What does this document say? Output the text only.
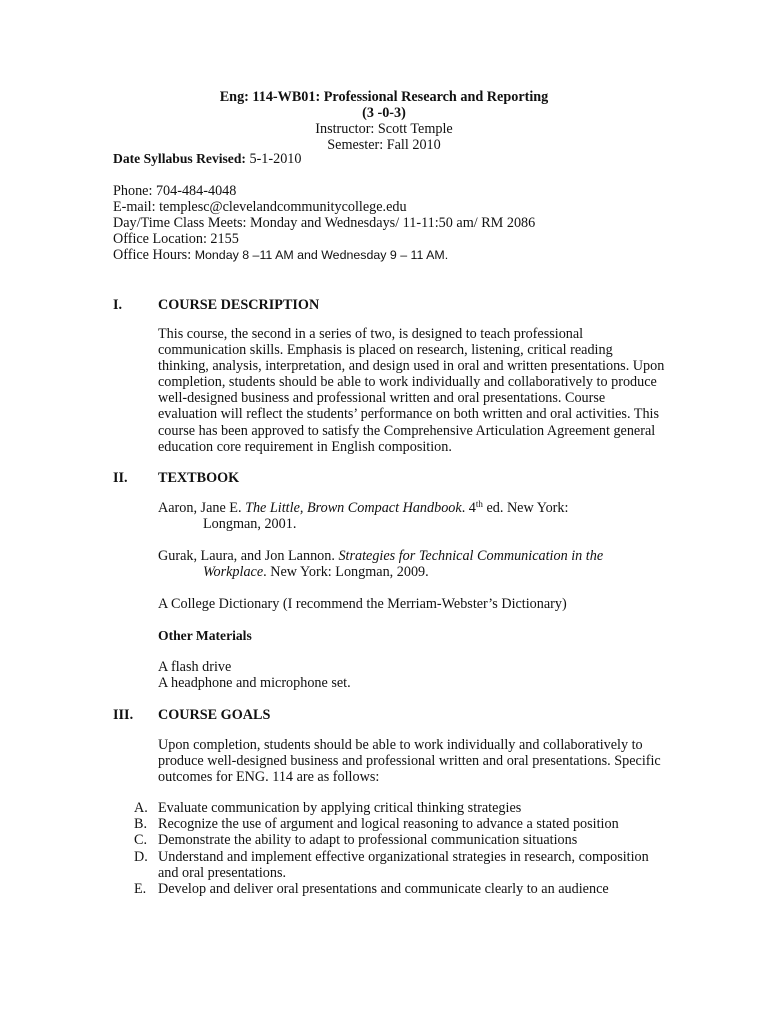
Eng: 114-WB01: Professional Research and Reporting
(3 -0-3)
Instructor: Scott Temple
Semester: Fall 2010
Date Syllabus Revised: 5-1-2010
Phone: 704-484-4048
E-mail: templesc@clevelandcommunitycollege.edu
Day/Time Class Meets: Monday and Wednesdays/ 11-11:50 am/ RM 2086
Office Location: 2155
Office Hours: Monday 8 –11 AM and Wednesday 9 – 11 AM.
I.	COURSE DESCRIPTION
This course, the second in a series of two, is designed to teach professional
communication skills. Emphasis is placed on research, listening, critical reading
thinking, analysis, interpretation, and design used in oral and written presentations. Upon
completion, students should be able to work individually and collaboratively to produce
well-designed business and professional written and oral presentations. Course
evaluation will reflect the students’ performance on both written and oral activities. This
course has been approved to satisfy the Comprehensive Articulation Agreement general
education core requirement in English composition.
II. TEXTBOOK
Aaron, Jane E. The Little, Brown Compact Handbook. 4th ed. New York:
Longman, 2001.
Gurak, Laura, and Jon Lannon. Strategies for Technical Communication in the
Workplace. New York: Longman, 2009.
A College Dictionary (I recommend the Merriam-Webster’s Dictionary)
Other Materials
A flash drive
A headphone and microphone set.
III. COURSE GOALS
Upon completion, students should be able to work individually and collaboratively to
produce well-designed business and professional written and oral presentations. Specific
outcomes for ENG. 114 are as follows:
A. Evaluate communication by applying critical thinking strategies
B. Recognize the use of argument and logical reasoning to advance a stated position
C. Demonstrate the ability to adapt to professional communication situations
D. Understand and implement effective organizational strategies in research, composition
and oral presentations.
E. Develop and deliver oral presentations and communicate clearly to an audience
